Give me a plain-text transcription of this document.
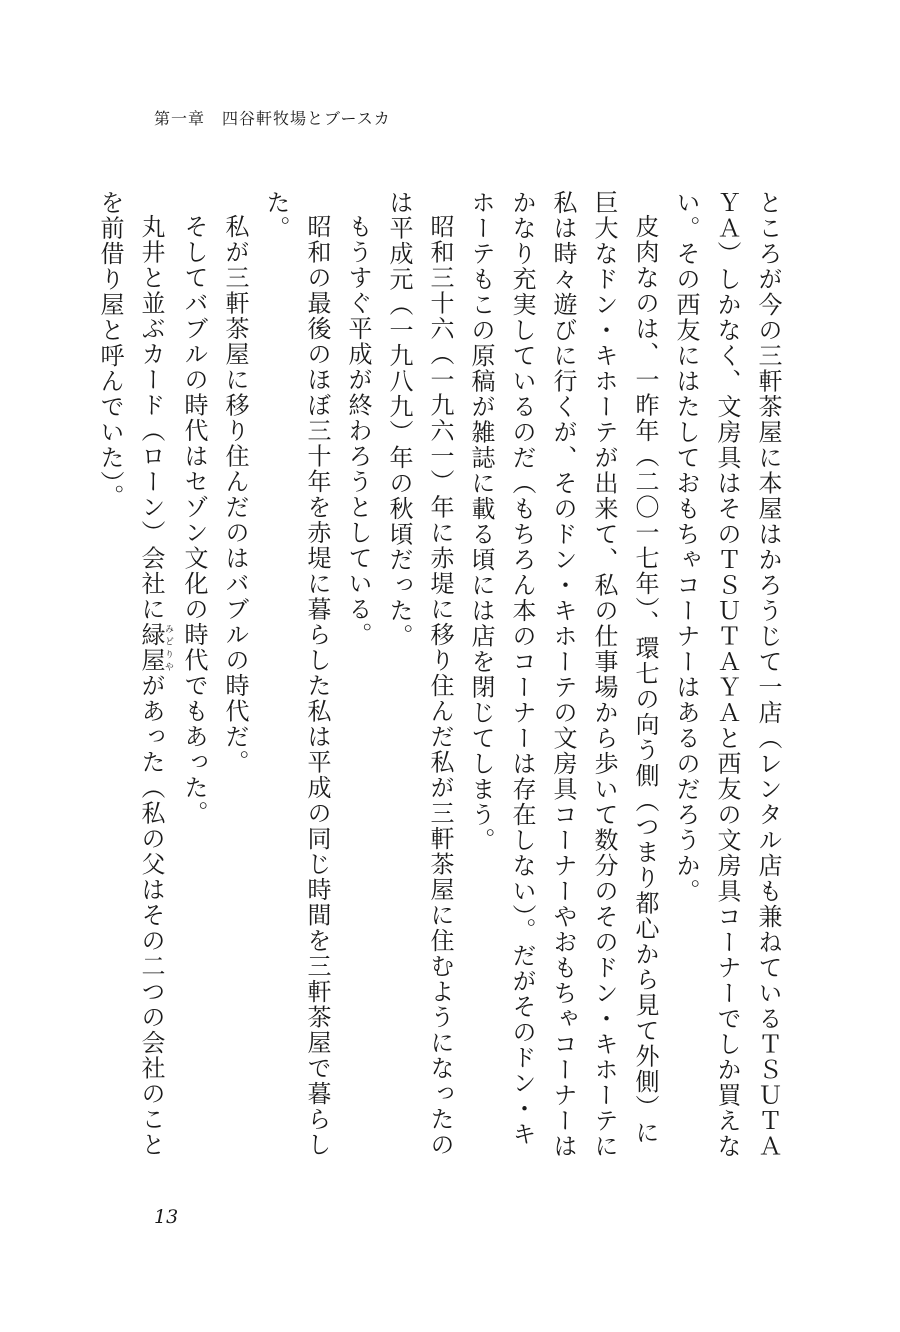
第一章　四谷軒牧場とブースカ

ところが今の三軒茶屋に本屋はかろうじて一店（レンタル店も兼ねているＴＳＵＴＡＹＡ）しかなく、文房具はそのＴＳＵＴＡＹＡと西友の文房具コーナーでしか買えない。その西友にはたしておもちゃコーナーはあるのだろうか。

皮肉なのは、一昨年（二〇一七年）、環七の向う側（つまり都心から見て外側）に巨大なドン・キホーテが出来て、私の仕事場から歩いて数分のそのドン・キホーテに私は時々遊びに行くが、そのドン・キホーテの文房具コーナーやおもちゃコーナーはかなり充実しているのだ（もちろん本のコーナーは存在しない）。だがそのドン・キホーテもこの原稿が雑誌に載る頃には店を閉じてしまう。

昭和三十六（一九六一）年に赤堤に移り住んだ私が三軒茶屋に住むようになったのは平成元（一九八九）年の秋頃だった。

もうすぐ平成が終わろうとしている。

昭和の最後のほぼ三十年を赤堤に暮らした私は平成の同じ時間を三軒茶屋で暮らした。

私が三軒茶屋に移り住んだのはバブルの時代だ。

そしてバブルの時代はセゾン文化の時代でもあった。

丸井と並ぶカード（ローン）会社に緑屋みどりやがあった（私の父はその二つの会社のことを前借り屋と呼んでいた）。

13
